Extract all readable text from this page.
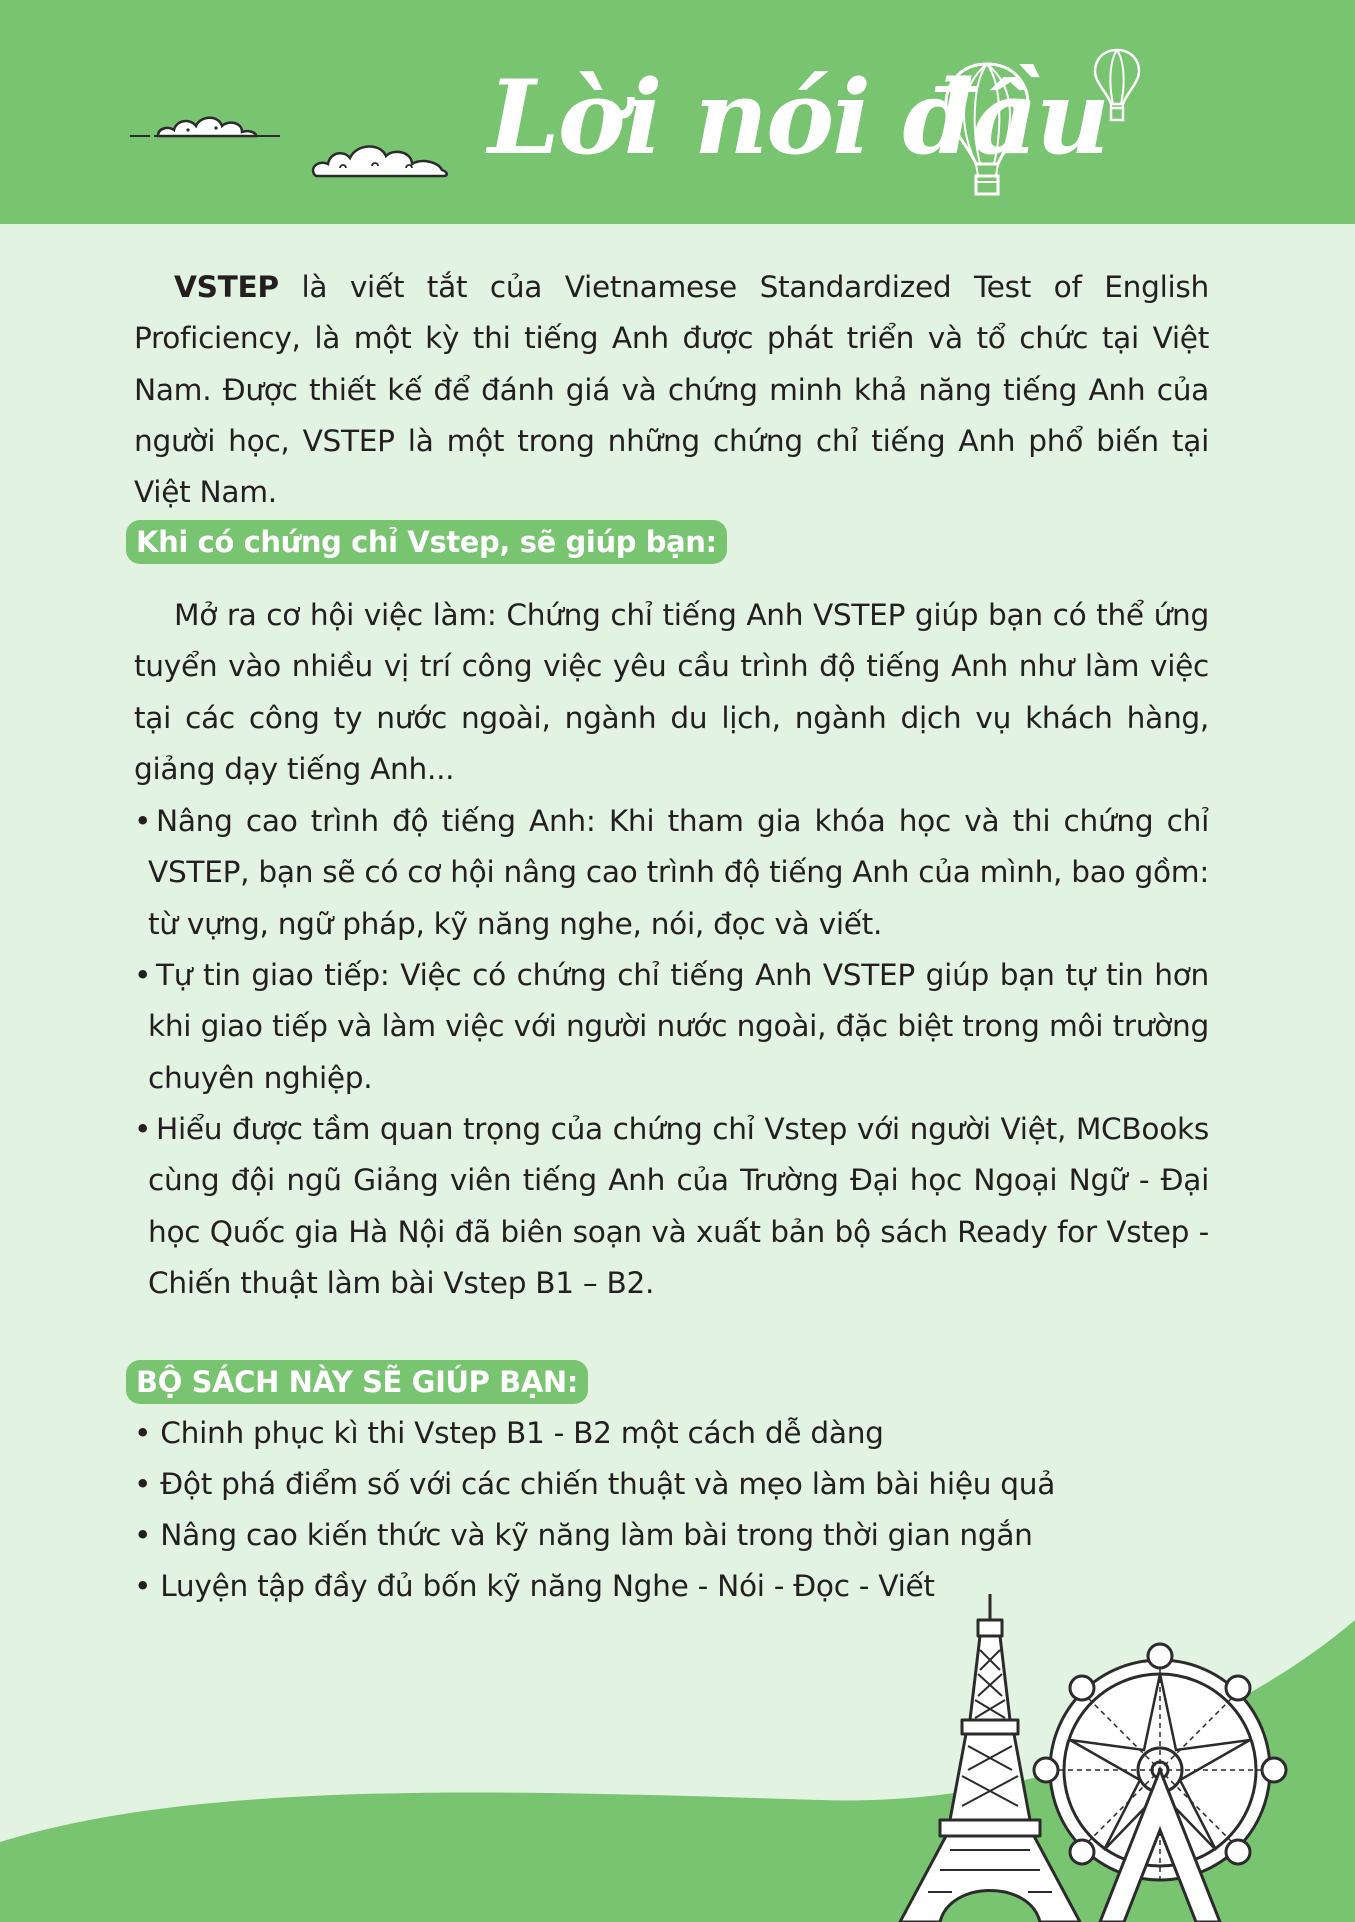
Lời nói đầu

VSTEP là viết tắt của Vietnamese Standardized Test of English Proficiency, là một kỳ thi tiếng Anh được phát triển và tổ chức tại Việt Nam. Được thiết kế để đánh giá và chứng minh khả năng tiếng Anh của người học, VSTEP là một trong những chứng chỉ tiếng Anh phổ biến tại Việt Nam.

Khi có chứng chỉ Vstep, sẽ giúp bạn:

Mở ra cơ hội việc làm: Chứng chỉ tiếng Anh VSTEP giúp bạn có thể ứng tuyển vào nhiều vị trí công việc yêu cầu trình độ tiếng Anh như làm việc tại các công ty nước ngoài, ngành du lịch, ngành dịch vụ khách hàng, giảng dạy tiếng Anh...

• Nâng cao trình độ tiếng Anh: Khi tham gia khóa học và thi chứng chỉ VSTEP, bạn sẽ có cơ hội nâng cao trình độ tiếng Anh của mình, bao gồm: từ vựng, ngữ pháp, kỹ năng nghe, nói, đọc và viết.

• Tự tin giao tiếp: Việc có chứng chỉ tiếng Anh VSTEP giúp bạn tự tin hơn khi giao tiếp và làm việc với người nước ngoài, đặc biệt trong môi trường chuyên nghiệp.

• Hiểu được tầm quan trọng của chứng chỉ Vstep với người Việt, MCBooks cùng đội ngũ Giảng viên tiếng Anh của Trường Đại học Ngoại Ngữ - Đại học Quốc gia Hà Nội đã biên soạn và xuất bản bộ sách Ready for Vstep - Chiến thuật làm bài Vstep B1 – B2.

BỘ SÁCH NÀY SẼ GIÚP BẠN:
• Chinh phục kì thi Vstep B1 - B2 một cách dễ dàng
• Đột phá điểm số với các chiến thuật và mẹo làm bài hiệu quả
• Nâng cao kiến thức và kỹ năng làm bài trong thời gian ngắn
• Luyện tập đầy đủ bốn kỹ năng Nghe - Nói - Đọc - Viết
